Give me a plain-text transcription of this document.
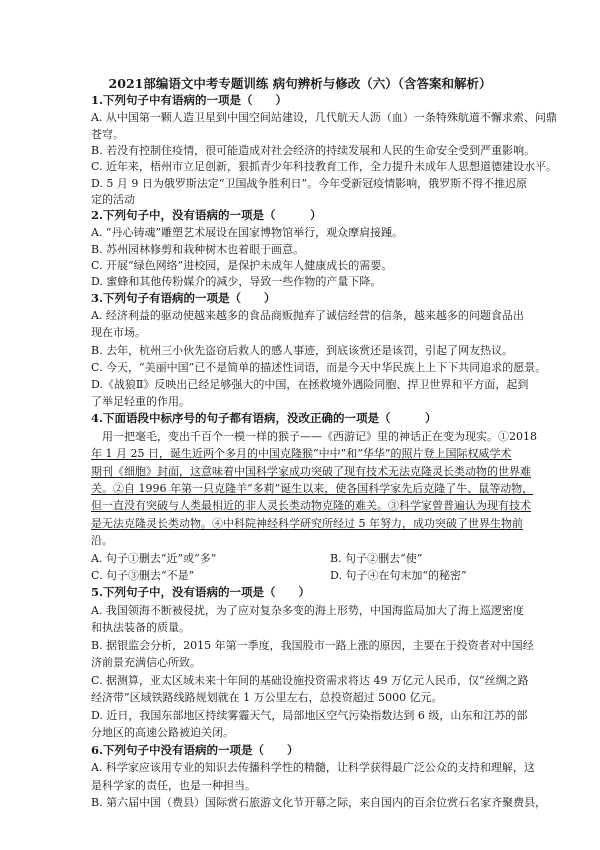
2021部编语文中考专题训练 病句辨析与修改（六）（含答案和解析）
1.下列句子中有语病的一项是（　　）
A. 从中国第一颗人造卫星到中国空间站建设，几代航天人沥（血）一条特殊航道不懈求索、问鼎
苍穹。
B. 若没有控制住疫情，很可能造成对社会经济的持续发展和人民的生命安全受到严重影响。
C. 近年来，梧州市立足创新，狠抓青少年科技教育工作，全力提升未成年人思想道德建设水平。
D. 5 月 9 日为俄罗斯法定“卫国战争胜利日”。今年受新冠疫情影响，俄罗斯不得不推迟原
定的活动
2.下列句子中，没有语病的一项是（　　　）
A. “丹心铸魂”雕塑艺术展设在国家博物馆举行，观众摩肩接踵。
B. 苏州园林修剪和栽种树木也着眼于画意。
C. 开展“绿色网络”进校园，是保护未成年人健康成长的需要。
D. 蜜蜂和其他传粉媒介的减少，导致一些作物的产量下降。
3.下列句子有语病的一项是（　　）
A. 经济利益的驱动使越来越多的食品商贩抛弃了诚信经营的信条，越来越多的问题食品出
现在市场。
B. 去年，杭州三小伙先盗窃后救人的感人事迹，到底该赏还是该罚，引起了网友热议。
C. 今天，“美丽中国”已不是简单的描述性词语，而是今天中华民族上上下下共同追求的愿景。
D.《战狼Ⅱ》反映出已经足够强大的中国，在拯救境外遇险同胞、捍卫世界和平方面，起到
了举足轻重的作用。
4.下面语段中标序号的句子都有语病，没改正确的一项是（　　　）
用一把毫毛，变出千百个一模一样的猴子——《西游记》里的神话正在变为现实。①2018
年 1 月 25 日，诞生近两个多月的中国克隆猴“中中”和“华华”的照片登上国际权威学术
期刊《细胞》封面，这意味着中国科学家成功突破了现有技术无法克隆灵长类动物的世界难
关。②自 1996 年第一只克隆羊“多莉”诞生以来，使各国科学家先后克隆了牛、鼠等动物，
但一直没有突破与人类最相近的非人灵长类动物克隆的难关。③科学家曾普遍认为现有技术
是无法克隆灵长类动物。④中科院神经科学研究所经过 5 年努力，成功突破了世界生物前
沿。
A. 句子①删去“近”或“多”	B. 句子②删去“使”
C. 句子③删去“不是”	D. 句子④在句末加“的秘密”
5.下列句子中，没有语病的一项是（　　）
A. 我国领海不断被侵扰，为了应对复杂多变的海上形势，中国海监局加大了海上巡逻密度
和执法装备的质量。
B. 据银监会分析，2015 年第一季度，我国股市一路上涨的原因，主要在于投资者对中国经
济前景充满信心所致。
C. 据测算，亚太区域未来十年间的基础设施投资需求将达 49 万亿元人民币，仅“丝绸之路
经济带”区域铁路线路规划就在 1 万公里左右，总投资超过 5000 亿元。
D. 近日，我国东部地区持续雾霾天气，局部地区空气污染指数达到 6 级，山东和江苏的部
分地区的高速公路被迫关闭。
6.下列句子中没有语病的一项是（　　）
A. 科学家应该用专业的知识去传播科学性的精髓，让科学获得最广泛公众的支持和理解，这
是科学家的责任，也是一种担当。
B. 第六届中国（费县）国际赏石旅游文化节开幕之际，来自国内的百余位赏石名家齐聚费县，
